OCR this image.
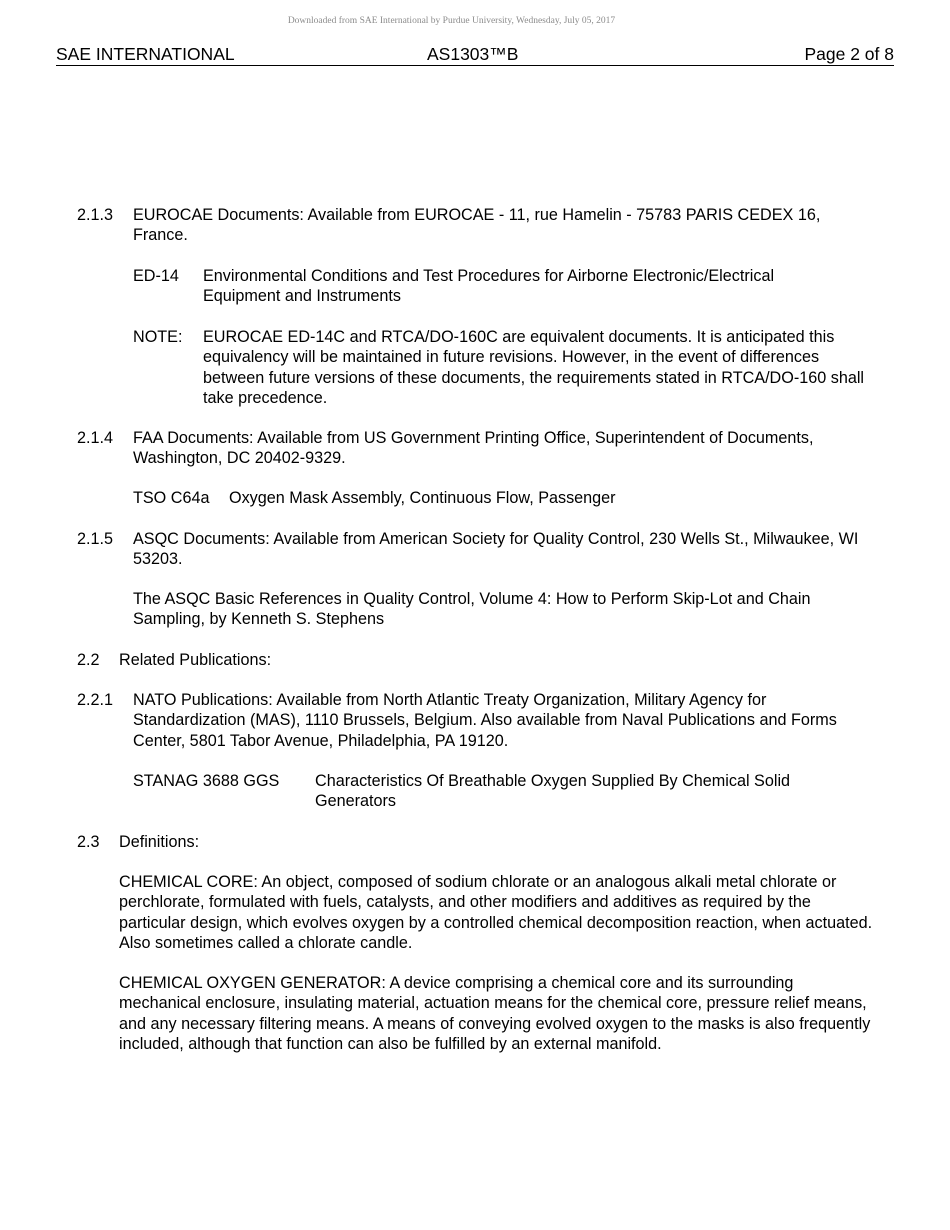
Downloaded from SAE International by Purdue University, Wednesday, July 05, 2017
SAE INTERNATIONAL	AS1303™B	Page 2 of 8
2.1.3 EUROCAE Documents: Available from EUROCAE - 11, rue Hamelin - 75783 PARIS CEDEX 16, France.
ED-14 Environmental Conditions and Test Procedures for Airborne Electronic/Electrical Equipment and Instruments
NOTE: EUROCAE ED-14C and RTCA/DO-160C are equivalent documents. It is anticipated this equivalency will be maintained in future revisions. However, in the event of differences between future versions of these documents, the requirements stated in RTCA/DO-160 shall take precedence.
2.1.4 FAA Documents: Available from US Government Printing Office, Superintendent of Documents, Washington, DC 20402-9329.
TSO C64a Oxygen Mask Assembly, Continuous Flow, Passenger
2.1.5 ASQC Documents: Available from American Society for Quality Control, 230 Wells St., Milwaukee, WI 53203.
The ASQC Basic References in Quality Control, Volume 4: How to Perform Skip-Lot and Chain Sampling, by Kenneth S. Stephens
2.2 Related Publications:
2.2.1 NATO Publications: Available from North Atlantic Treaty Organization, Military Agency for Standardization (MAS), 1110 Brussels, Belgium. Also available from Naval Publications and Forms Center, 5801 Tabor Avenue, Philadelphia, PA 19120.
STANAG 3688 GGS Characteristics Of Breathable Oxygen Supplied By Chemical Solid Generators
2.3 Definitions:
CHEMICAL CORE: An object, composed of sodium chlorate or an analogous alkali metal chlorate or perchlorate, formulated with fuels, catalysts, and other modifiers and additives as required by the particular design, which evolves oxygen by a controlled chemical decomposition reaction, when actuated. Also sometimes called a chlorate candle.
CHEMICAL OXYGEN GENERATOR: A device comprising a chemical core and its surrounding mechanical enclosure, insulating material, actuation means for the chemical core, pressure relief means, and any necessary filtering means. A means of conveying evolved oxygen to the masks is also frequently included, although that function can also be fulfilled by an external manifold.
